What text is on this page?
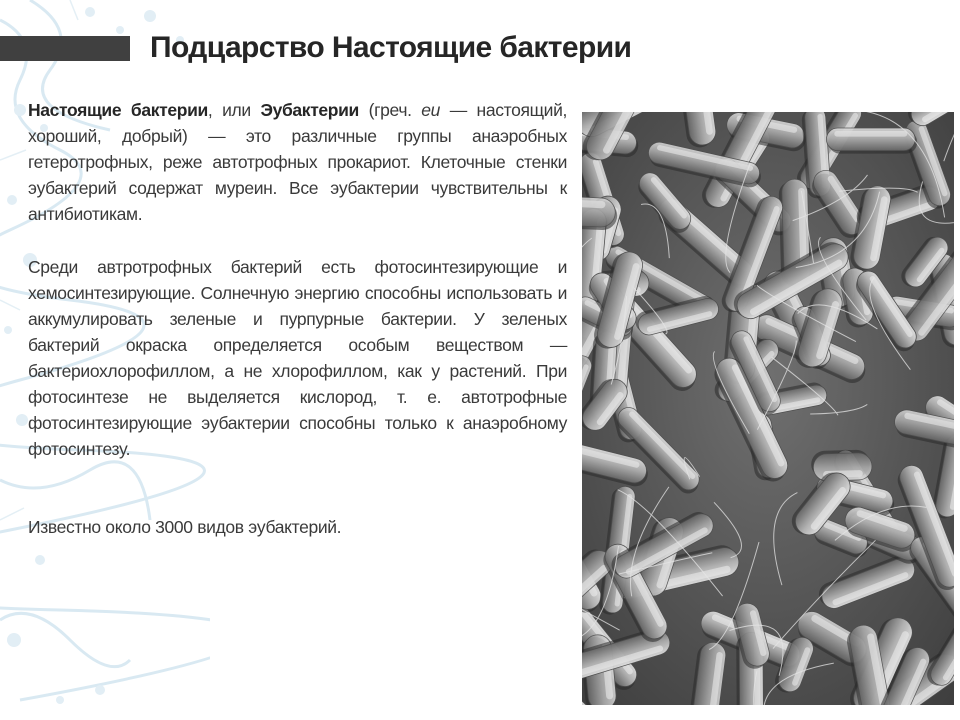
Подцарство Настоящие бактерии

Настоящие бактерии, или Эубактерии (греч. eu — настоящий, хороший, добрый) — это различные группы анаэробных гетеротрофных, реже автотрофных прокариот. Клеточные стенки эубактерий содержат муреин. Все эубактерии чувствительны к антибиотикам.

Среди автротрофных бактерий есть фотосинтезирующие и хемосинтезирующие. Солнечную энергию способны использовать и аккумулировать зеленые и пурпурные бактерии. У зеленых бактерий окраска определяется особым веществом — бактериохлорофиллом, а не хлорофиллом, как у растений. При фотосинтезе не выделяется кислород, т. е. автотрофные фотосинтезирующие эубактерии способны только к анаэробному фотосинтезу.

Известно около 3000 видов эубактерий.
